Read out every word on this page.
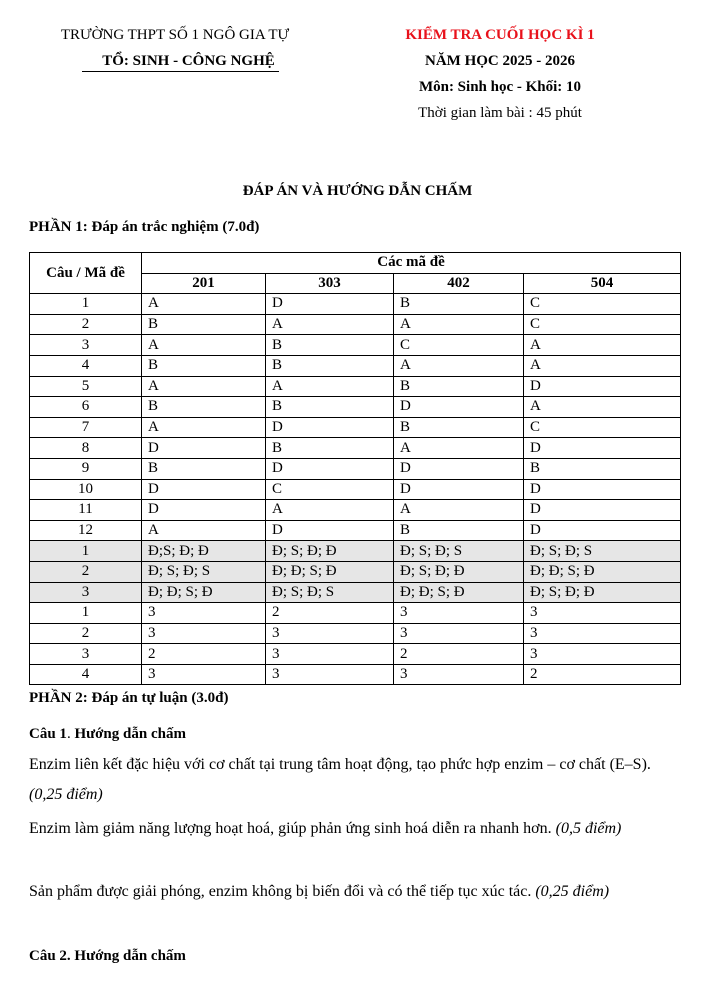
TRƯỜNG THPT SỐ 1 NGÔ GIA TỰ
TỔ: SINH - CÔNG NGHỆ
KIỂM TRA CUỐI HỌC KÌ 1
NĂM HỌC 2025 - 2026
Môn: Sinh học - Khối: 10
Thời gian làm bài : 45 phút
ĐÁP ÁN VÀ HƯỚNG DẪN CHẤM
PHẦN 1: Đáp án trắc nghiệm (7.0đ)
Câu / Mã đề	Các mã đề			
	201	303	402	504
1	A	D	B	C
2	B	A	A	C
3	A	B	C	A
4	B	B	A	A
5	A	A	B	D
6	B	B	D	A
7	A	D	B	C
8	D	B	A	D
9	B	D	D	B
10	D	C	D	D
11	D	A	A	D
12	A	D	B	D
1	Đ;S; Đ; Đ	Đ; S; Đ; Đ	Đ; S; Đ; S	Đ; S; Đ; S
2	Đ; S; Đ; S	Đ; Đ; S; Đ	Đ; S; Đ; Đ	Đ; Đ; S; Đ
3	Đ; Đ; S; Đ	Đ; S; Đ; S	Đ; Đ; S; Đ	Đ; S; Đ; Đ
1	3	2	3	3
2	3	3	3	3
3	2	3	2	3
4	3	3	3	2
PHẦN 2: Đáp án tự luận (3.0đ)
Câu 1. Hướng dẫn chấm
Enzim liên kết đặc hiệu với cơ chất tại trung tâm hoạt động, tạo phức hợp enzim – cơ chất (E–S). (0,25 điểm)
Enzim làm giảm năng lượng hoạt hoá, giúp phản ứng sinh hoá diễn ra nhanh hơn. (0,5 điểm)
Sản phẩm được giải phóng, enzim không bị biến đổi và có thể tiếp tục xúc tác. (0,25 điểm)
Câu 2. Hướng dẫn chấm
